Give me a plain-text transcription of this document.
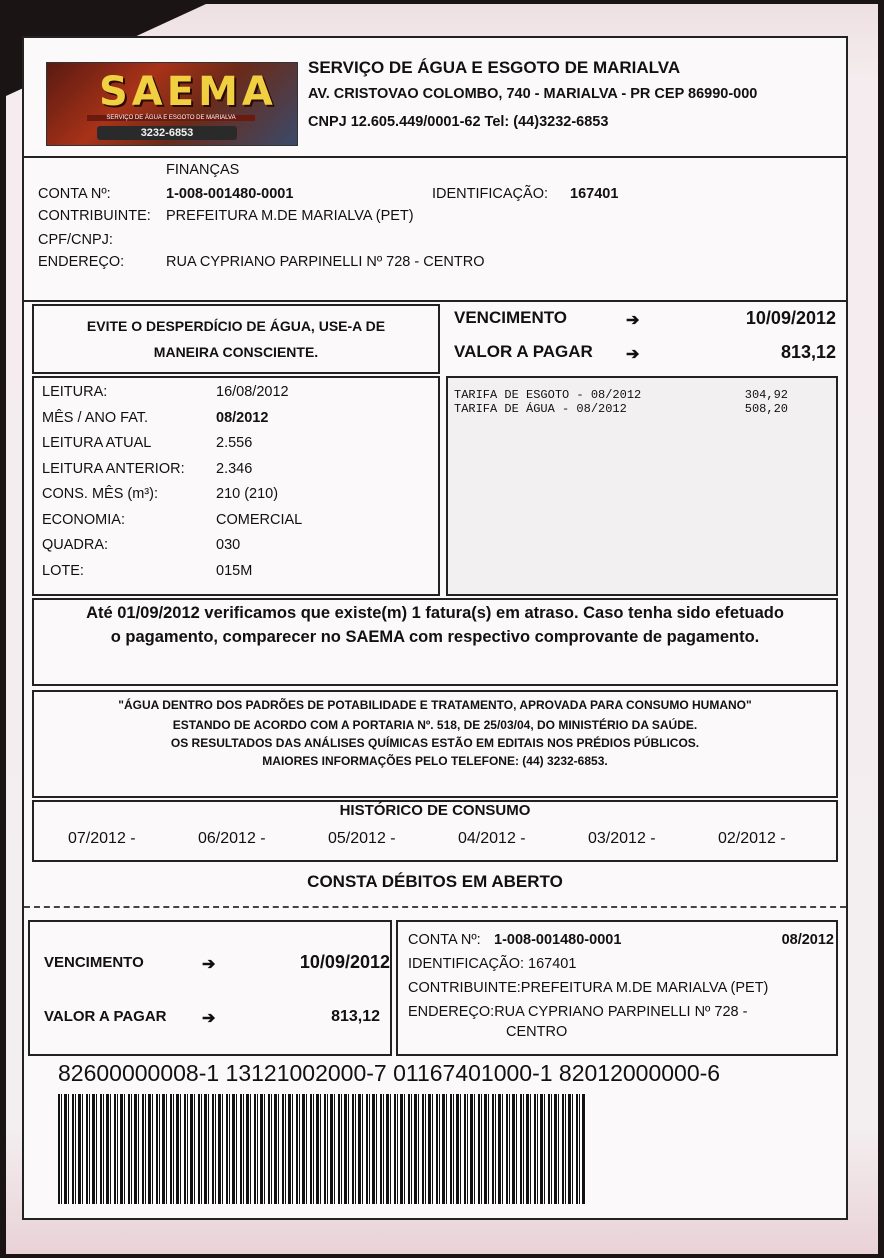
SAEMA
SERVIÇO DE ÁGUA E ESGOTO DE MARIALVA
3232-6853
SERVIÇO DE ÁGUA E ESGOTO DE MARIALVA
AV. CRISTOVAO COLOMBO, 740 - MARIALVA - PR CEP 86990-000
CNPJ 12.605.449/0001-62 Tel: (44)3232-6853
FINANÇAS
CONTA Nº:	1-008-001480-0001	IDENTIFICAÇÃO: 167401
CONTRIBUINTE: PREFEITURA M.DE MARIALVA (PET)
CPF/CNPJ:
ENDEREÇO:	RUA CYPRIANO PARPINELLI Nº 728 - CENTRO
EVITE O DESPERDÍCIO DE ÁGUA, USE-A DE
MANEIRA CONSCIENTE.
VENCIMENTO	➔	10/09/2012
VALOR A PAGAR ➔	813,12
LEITURA:	16/08/2012
MÊS / ANO FAT.	08/2012
LEITURA ATUAL	2.556
LEITURA ANTERIOR: 2.346
CONS. MÊS (m³):	210 (210)
ECONOMIA:	COMERCIAL
QUADRA:	030
LOTE:	015M
TARIFA DE ESGOTO - 08/2012	304,92
TARIFA DE ÁGUA - 08/2012	508,20
Até 01/09/2012 verificamos que existe(m) 1 fatura(s) em atraso. Caso tenha sido efetuado
o pagamento, comparecer no SAEMA com respectivo comprovante de pagamento.
"ÁGUA DENTRO DOS PADRÕES DE POTABILIDADE E TRATAMENTO, APROVADA PARA CONSUMO HUMANO"
ESTANDO DE ACORDO COM A PORTARIA Nº. 518, DE 25/03/04, DO MINISTÉRIO DA SAÚDE.
OS RESULTADOS DAS ANÁLISES QUÍMICAS ESTÃO EM EDITAIS NOS PRÉDIOS PÚBLICOS.
MAIORES INFORMAÇÕES PELO TELEFONE: (44) 3232-6853.
HISTÓRICO DE CONSUMO
07/2012 -	06/2012 -	05/2012 -	04/2012 -	03/2012 -	02/2012 -
CONSTA DÉBITOS EM ABERTO
VENCIMENTO	➔	10/09/2012
VALOR A PAGAR ➔	813,12
CONTA Nº: 1-008-001480-0001	08/2012
IDENTIFICAÇÃO: 167401
CONTRIBUINTE:PREFEITURA M.DE MARIALVA (PET)
ENDEREÇO:RUA CYPRIANO PARPINELLI Nº 728 -
CENTRO
82600000008-1 13121002000-7 01167401000-1 82012000000-6
